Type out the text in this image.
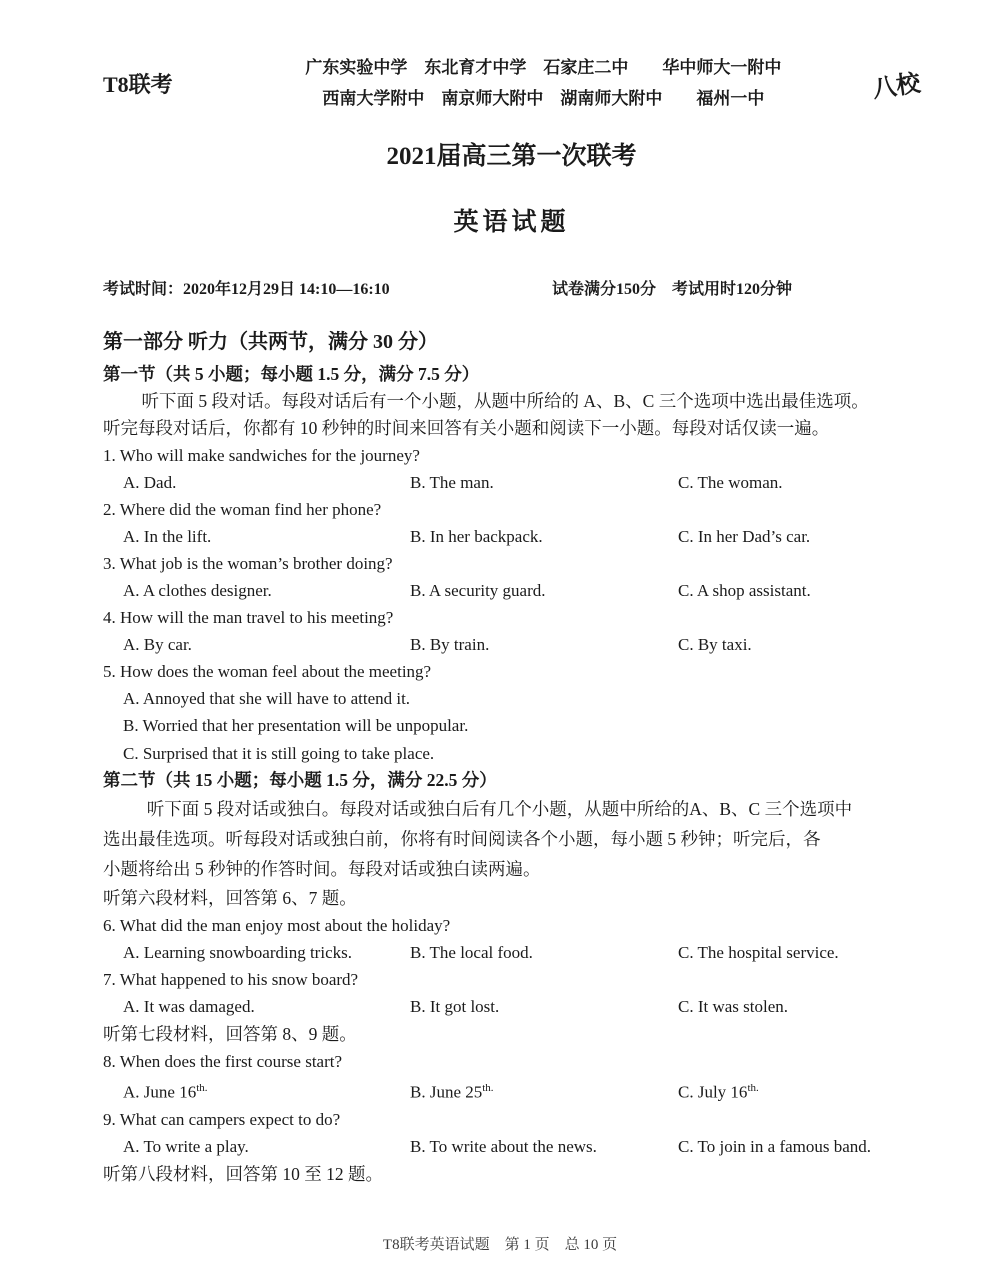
T8联考
广东实验中学　东北育才中学　石家庄二中　　华中师大一附中
西南大学附中　南京师大附中　湖南师大附中　　福州一中	八校
2021届高三第一次联考
英语试题
考试时间：2020年12月29日 14:10—16:10	试卷满分150分　考试用时120分钟
第一部分 听力（共两节，满分 30 分）
第一节（共 5 小题；每小题 1.5 分，满分 7.5 分）
听下面 5 段对话。每段对话后有一个小题，从题中所给的 A、B、C 三个选项中选出最佳选项。
听完每段对话后，你都有 10 秒钟的时间来回答有关小题和阅读下一小题。每段对话仅读一遍。
1. Who will make sandwiches for the journey?
A. Dad.	B. The man.	C. The woman.
2. Where did the woman find her phone?
A. In the lift.	B. In her backpack.	C. In her Dad’s car.
3. What job is the woman’s brother doing?
A. A clothes designer.	B. A security guard.	C. A shop assistant.
4. How will the man travel to his meeting?
A. By car.	B. By train.	C. By taxi.
5. How does the woman feel about the meeting?
A. Annoyed that she will have to attend it.
B. Worried that her presentation will be unpopular.
C. Surprised that it is still going to take place.
第二节（共 15 小题；每小题 1.5 分，满分 22.5 分）
听下面 5 段对话或独白。每段对话或独白后有几个小题，从题中所给的A、B、C 三个选项中
选出最佳选项。听每段对话或独白前，你将有时间阅读各个小题，每小题 5 秒钟；听完后，各
小题将给出 5 秒钟的作答时间。每段对话或独白读两遍。
听第六段材料，回答第 6、7 题。
6. What did the man enjoy most about the holiday?
A. Learning snowboarding tricks.	B. The local food.	C. The hospital service.
7. What happened to his snow board?
A. It was damaged.	B. It got lost.	C. It was stolen.
听第七段材料，回答第 8、9 题。
8. When does the first course start?
A. June $16^{th.}$	B. June $25^{th.}$	C. July $16^{th.}$
9. What can campers expect to do?
A. To write a play.	B. To write about the news.	C. To join in a famous band.
听第八段材料，回答第 10 至 12 题。
T8联考英语试题　第 1 页　总 10 页
